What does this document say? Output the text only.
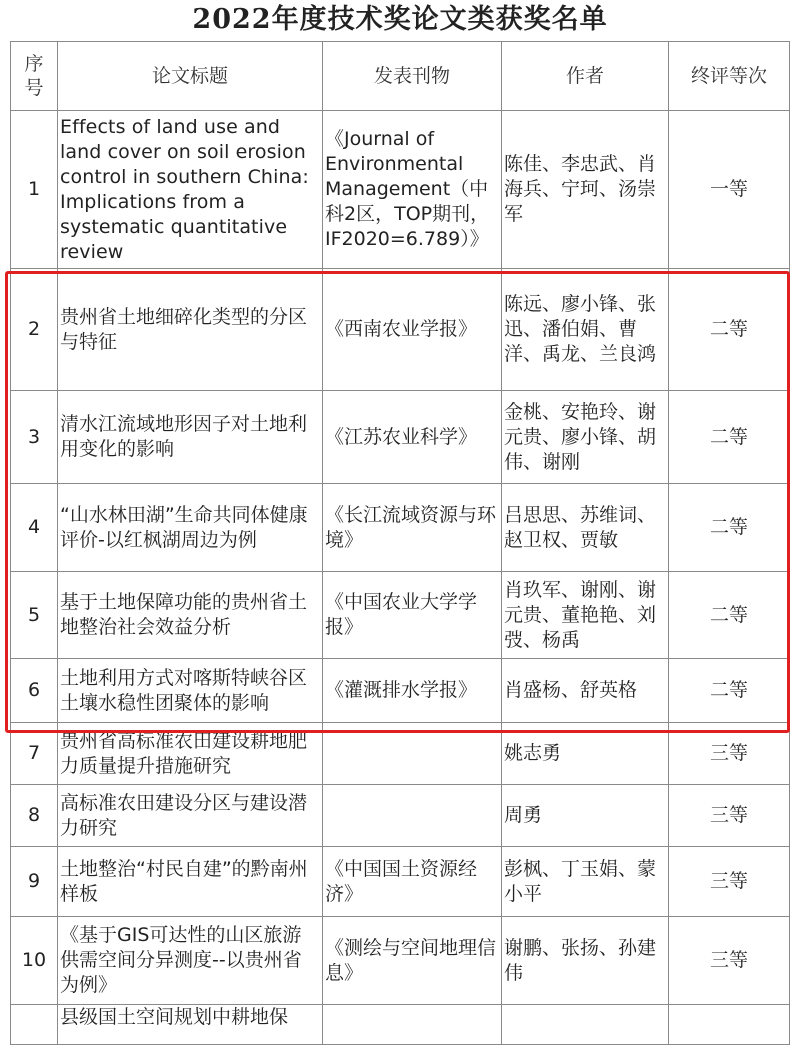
2022年度技术奖论文类获奖名单
序
号	论文标题	发表刊物	作者	终评等次
1	Effects of land use and land cover on soil erosion control in southern China: Implications from a systematic quantitative review	《Journal of Environmental Management（中科2区，TOP期刊，IF2020=6.789）》	陈佳、李忠武、肖海兵、宁珂、汤崇军	一等
2	贵州省土地细碎化类型的分区与特征	《西南农业学报》	陈远、廖小锋、张迅、潘伯娟、曹洋、禹龙、兰良鸿	二等
3	清水江流域地形因子对土地利用变化的影响	《江苏农业科学》	金桃、安艳玲、谢元贵、廖小锋、胡伟、谢刚	二等
4	“山水林田湖”生命共同体健康评价-以红枫湖周边为例	《长江流域资源与环境》	吕思思、苏维词、赵卫权、贾敏	二等
5	基于土地保障功能的贵州省土地整治社会效益分析	《中国农业大学学报》	肖玖军、谢刚、谢元贵、董艳艳、刘弢、杨禹	二等
6	土地利用方式对喀斯特峡谷区土壤水稳性团聚体的影响	《灌溉排水学报》	肖盛杨、舒英格	二等
7	贵州省高标准农田建设耕地肥力质量提升措施研究		姚志勇	三等
8	高标准农田建设分区与建设潜力研究		周勇	三等
9	土地整治“村民自建”的黔南州样板	《中国国土资源经济》	彭枫、丁玉娟、蒙小平	三等
10	《基于GIS可达性的山区旅游供需空间分异测度--以贵州省为例》	《测绘与空间地理信息》	谢鹏、张扬、孙建伟	三等
	县级国土空间规划中耕地保			
